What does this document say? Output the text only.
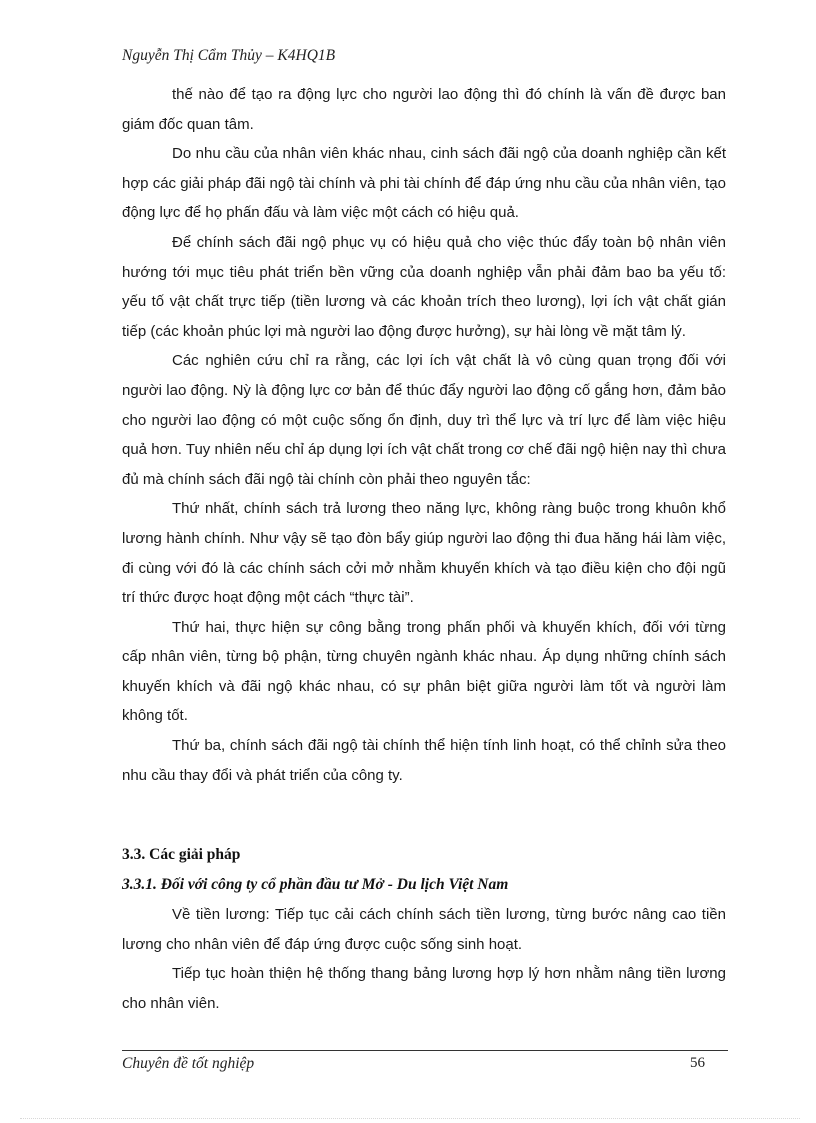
Nguyễn Thị Cẩm Thủy – K4HQ1B

thế nào để tạo ra động lực cho người lao động thì đó chính là vấn đề được ban giám đốc quan tâm.

Do nhu cầu của nhân viên khác nhau, cinh sách đãi ngộ của doanh nghiệp cần kết hợp các giải pháp đãi ngộ tài chính và phi tài chính để đáp ứng nhu cầu của nhân viên, tạo động lực để họ phấn đấu và làm việc một cách có hiệu quả.

Để chính sách đãi ngộ phục vụ có hiệu quả cho việc thúc đẩy toàn bộ nhân viên hướng tới mục tiêu phát triển bền vững của doanh nghiệp vẫn phải đảm bao ba yếu tố: yếu tố vật chất trực tiếp (tiền lương và các khoản trích theo lương), lợi ích vật chất gián tiếp (các khoản phúc lợi mà người lao động được hưởng), sự hài lòng về mặt tâm lý.

Các nghiên cứu chỉ ra rằng, các lợi ích vật chất là vô cùng quan trọng đối với người lao động. Nỳ là động lực cơ bản để thúc đẩy người lao động cố gắng hơn, đảm bảo cho người lao động có một cuộc sống ổn định, duy trì thể lực và trí lực để làm việc hiệu quả hơn. Tuy nhiên nếu chỉ áp dụng lợi ích vật chất trong cơ chế đãi ngộ hiện nay thì chưa đủ mà chính sách đãi ngộ tài chính còn phải theo nguyên tắc:

Thứ nhất, chính sách trả lương theo năng lực, không ràng buộc trong khuôn khổ lương hành chính. Như vậy sẽ tạo đòn bẩy giúp người lao động thi đua hăng hái làm việc, đi cùng với đó là các chính sách cởi mở nhằm khuyến khích và tạo điều kiện cho đội ngũ trí thức được hoạt động một cách “thực tài”.

Thứ hai, thực hiện sự công bằng trong phấn phối và khuyến khích, đối với từng cấp nhân viên, từng bộ phận, từng chuyên ngành khác nhau. Áp dụng những chính sách khuyến khích và đãi ngộ khác nhau, có sự phân biệt giữa người làm tốt và người làm không tốt.

Thứ ba, chính sách đãi ngộ tài chính thể hiện tính linh hoạt, có thể chỉnh sửa theo nhu cầu thay đổi và phát triển của công ty.

3.3. Các giải pháp
3.3.1. Đối với công ty cổ phần đầu tư Mở - Du lịch Việt Nam

Về tiền lương: Tiếp tục cải cách chính sách tiền lương, từng bước nâng cao tiền lương cho nhân viên để đáp ứng được cuộc sống sinh hoạt.

Tiếp tục hoàn thiện hệ thống thang bảng lương hợp lý hơn nhằm nâng tiền lương cho nhân viên.

Chuyên đề tốt nghiệp	56
